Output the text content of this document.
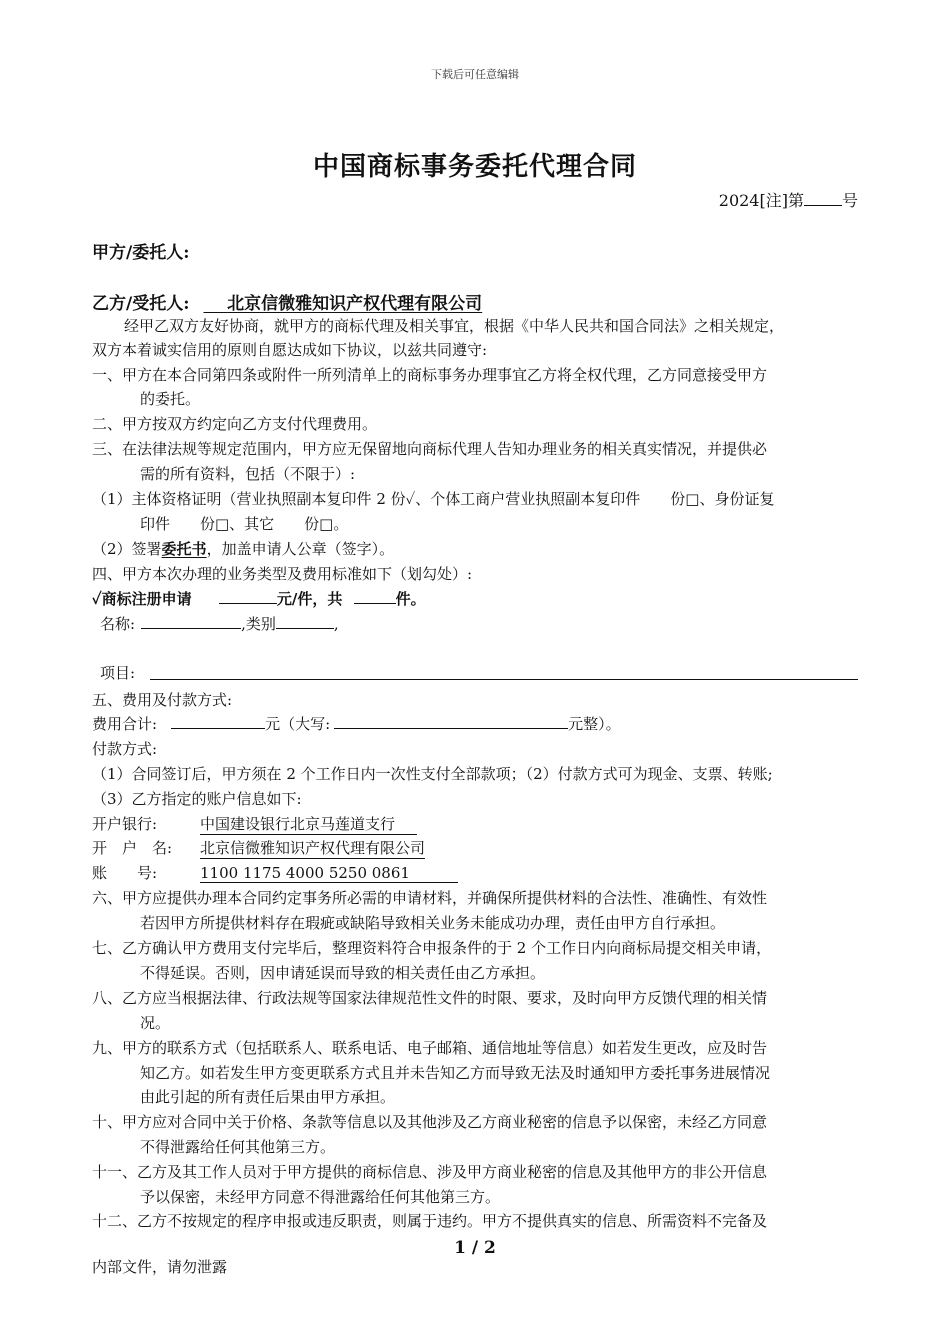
下载后可任意编辑
中国商标事务委托代理合同
2024[注]第 号
甲方/委托人:
乙方/受托人: 北京信微雅知识产权代理有限公司
经甲乙双方友好协商，就甲方的商标代理及相关事宜，根据《中华人民共和国合同法》之相关规定，
双方本着诚实信用的原则自愿达成如下协议，以兹共同遵守:
一、甲方在本合同第四条或附件一所列清单上的商标事务办理事宜乙方将全权代理，乙方同意接受甲方
的委托。
二、甲方按双方约定向乙方支付代理费用。
三、在法律法规等规定范围内，甲方应无保留地向商标代理人告知办理业务的相关真实情况，并提供必
需的所有资料，包括（不限于）:
（1）主体资格证明（营业执照副本复印件 2 份✓、个体工商户营业执照副本复印件　　份□、身份证复
印件　　份□、其它　　份□。
（2）签署委托书，加盖申请人公章（签字）。
四、甲方本次办理的业务类型及费用标准如下（划勾处）:
✓商标注册申请	元/件，共	件。
名称:	,类别	,
项目:
五、费用及付款方式:
费用合计:	元（大写:	元整）。
付款方式:
（1）合同签订后，甲方须在 2 个工作日内一次性支付全部款项；（2）付款方式可为现金、支票、转账;
（3）乙方指定的账户信息如下:
开户银行:	中国建设银行北京马莲道支行
开　户　名: 北京信微雅知识产权代理有限公司
账　　号:	1100 1175 4000 5250 0861
六、甲方应提供办理本合同约定事务所必需的申请材料，并确保所提供材料的合法性、准确性、有效性
若因甲方所提供材料存在瑕疵或缺陷导致相关业务未能成功办理，责任由甲方自行承担。
七、乙方确认甲方费用支付完毕后，整理资料符合申报条件的于 2 个工作日内向商标局提交相关申请，
不得延误。否则，因申请延误而导致的相关责任由乙方承担。
八、乙方应当根据法律、行政法规等国家法律规范性文件的时限、要求，及时向甲方反馈代理的相关情
况。
九、甲方的联系方式（包括联系人、联系电话、电子邮箱、通信地址等信息）如若发生更改，应及时告
知乙方。如若发生甲方变更联系方式且并未告知乙方而导致无法及时通知甲方委托事务进展情况
由此引起的所有责任后果由甲方承担。
十、甲方应对合同中关于价格、条款等信息以及其他涉及乙方商业秘密的信息予以保密，未经乙方同意
不得泄露给任何其他第三方。
十一、乙方及其工作人员对于甲方提供的商标信息、涉及甲方商业秘密的信息及其他甲方的非公开信息
予以保密，未经甲方同意不得泄露给任何其他第三方。
十二、乙方不按规定的程序申报或违反职责，则属于违约。甲方不提供真实的信息、所需资料不完备及
1 / 2
内部文件，请勿泄露
